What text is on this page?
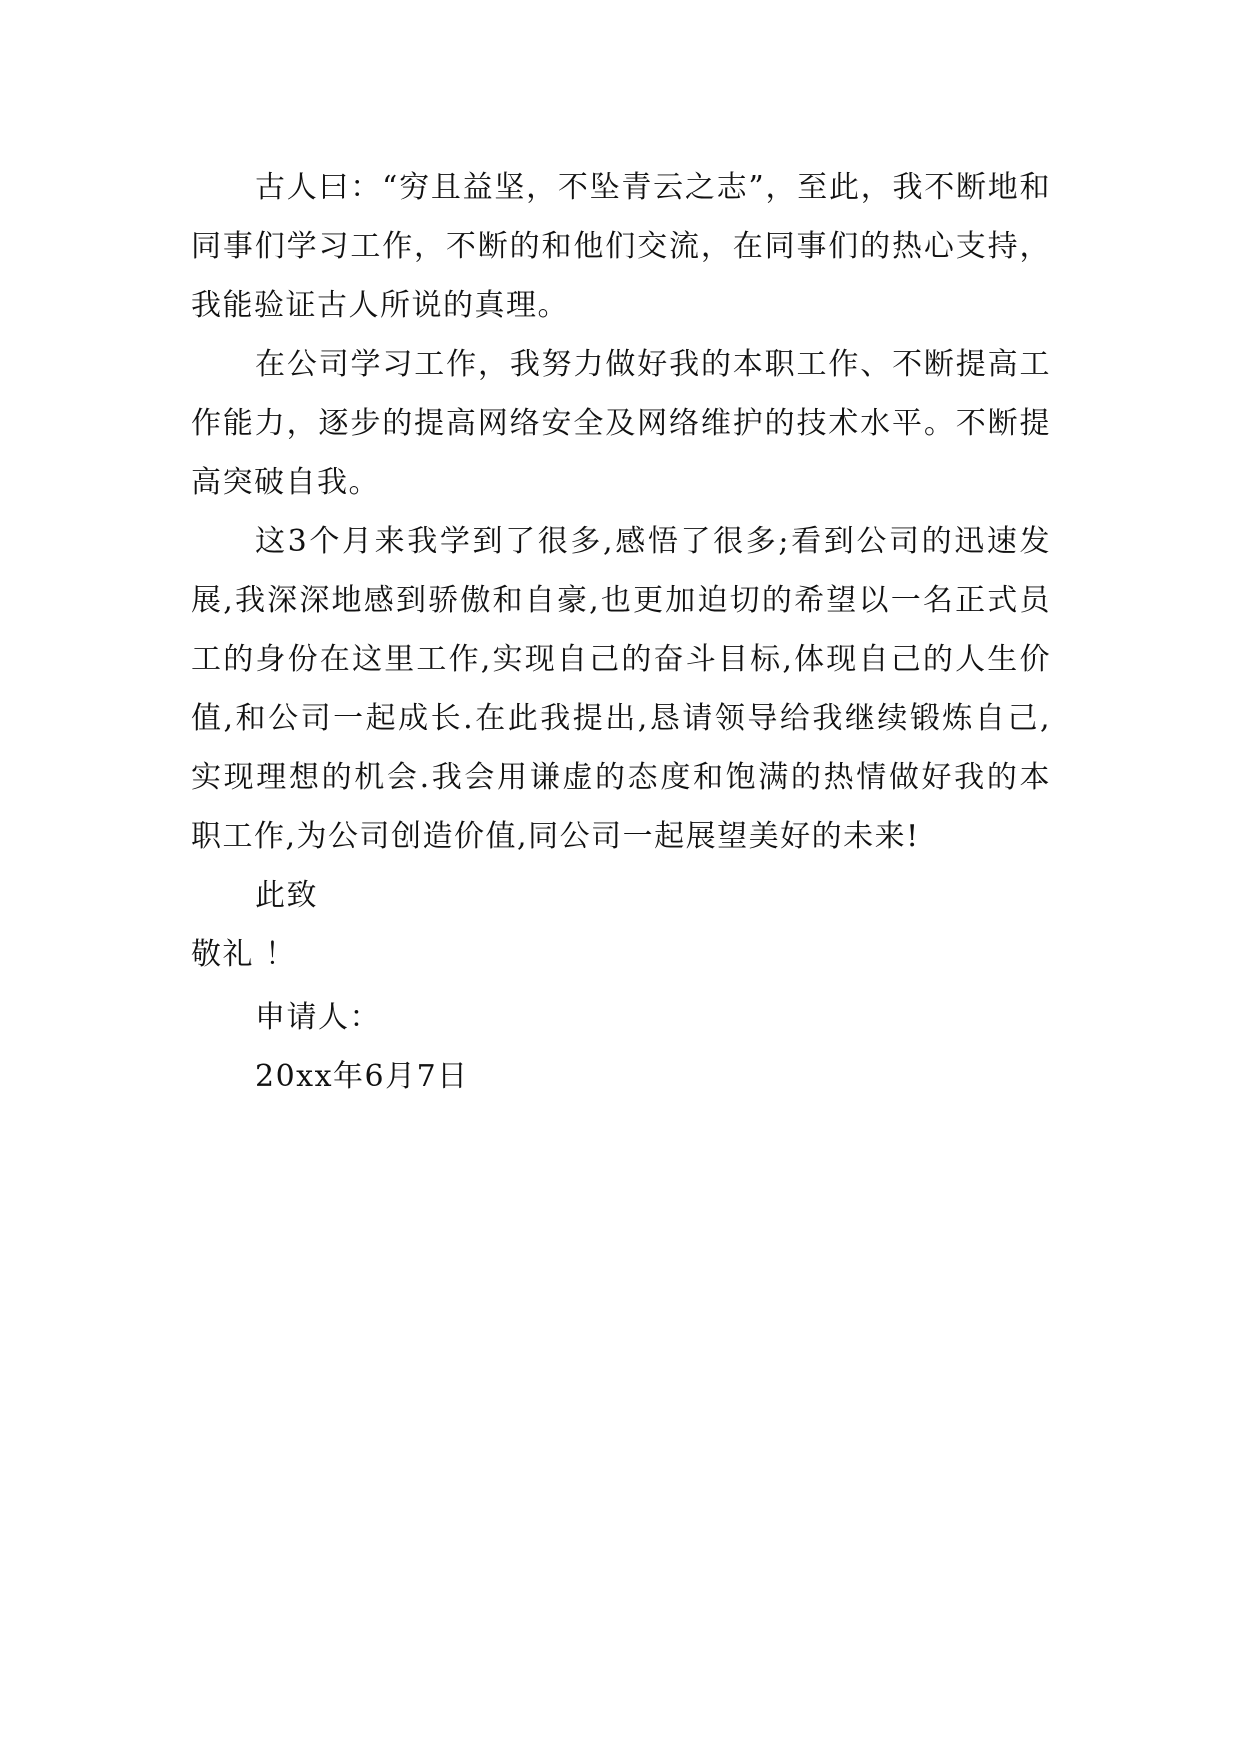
古人曰：“穷且益坚，不坠青云之志”，至此，我不断地和同事们学习工作，不断的和他们交流，在同事们的热心支持，我能验证古人所说的真理。

在公司学习工作，我努力做好我的本职工作、不断提高工作能力，逐步的提高网络安全及网络维护的技术水平。不断提高突破自我。

这3个月来我学到了很多,感悟了很多;看到公司的迅速发展,我深深地感到骄傲和自豪,也更加迫切的希望以一名正式员工的身份在这里工作,实现自己的奋斗目标,体现自己的人生价值,和公司一起成长.在此我提出,恳请领导给我继续锻炼自己,实现理想的机会.我会用谦虚的态度和饱满的热情做好我的本职工作,为公司创造价值,同公司一起展望美好的未来!

此致

敬礼 ！

申请人：

20xx年6月7日
